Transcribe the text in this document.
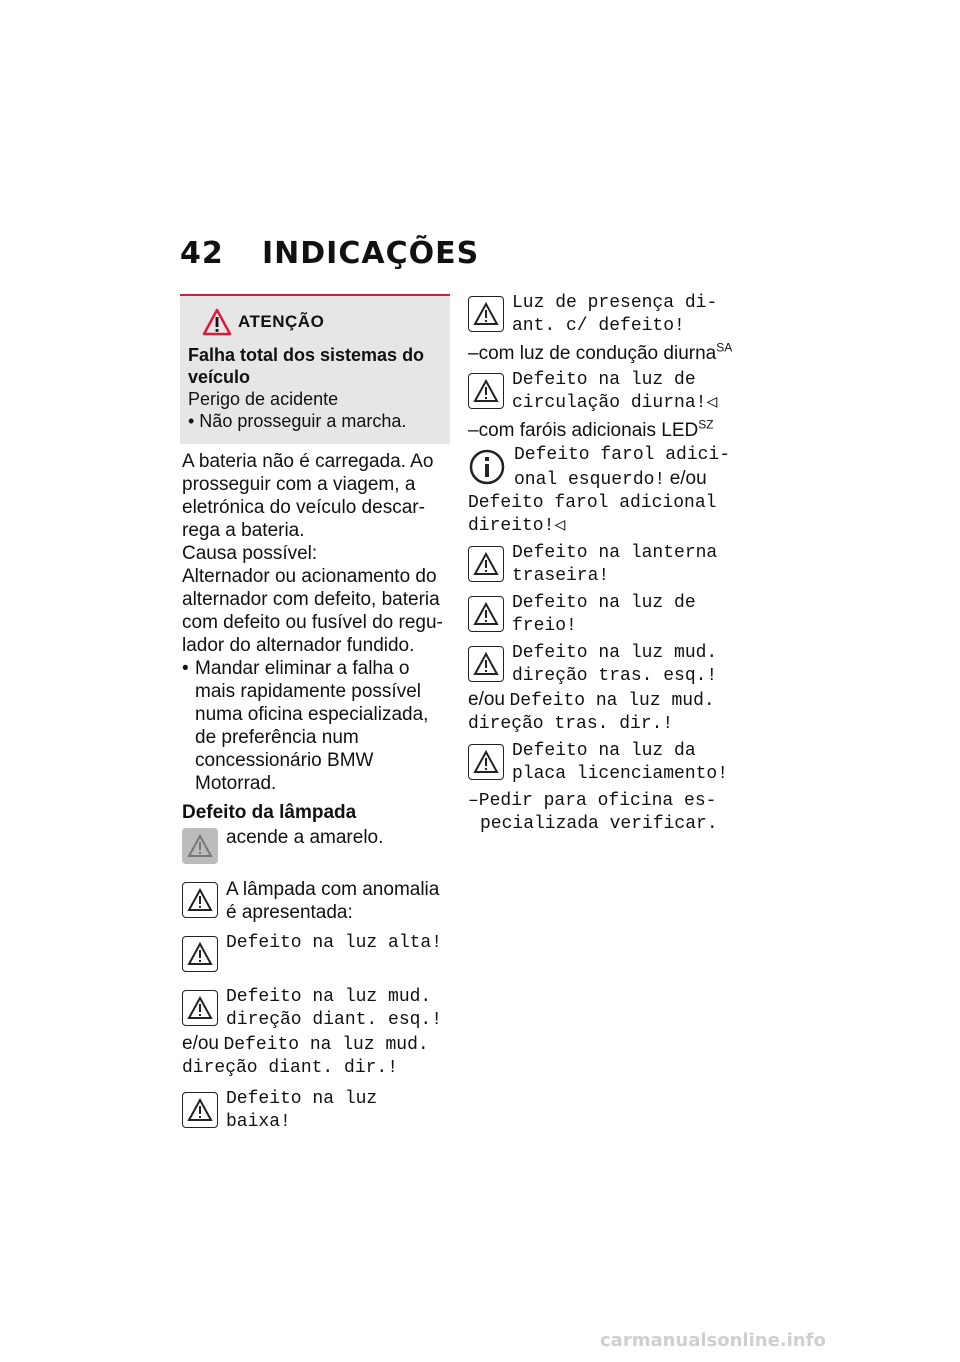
42 INDICAÇÕES
ATENÇÃO
Falha total dos sistemas do veículo
Perigo de acidente
• Não prosseguir a marcha.
A bateria não é carregada. Ao prosseguir com a viagem, a eletrónica do veículo descarrega a bateria.
Causa possível:
Alternador ou acionamento do alternador com defeito, bateria com defeito ou fusível do regulador do alternador fundido.
• Mandar eliminar a falha o mais rapidamente possível numa oficina especializada, de preferência num concessionário BMW Motorrad.
Defeito da lâmpada
acende a amarelo.
A lâmpada com anomalia é apresentada:
Defeito na luz alta!
Defeito na luz mud. direção diant. esq.!
e/ou Defeito na luz mud. direção diant. dir.!
Defeito na luz baixa!
Luz de presença diant. c/ defeito!
–com luz de condução diurna$^{SA}$
Defeito na luz de circulação diurna!◁
–com faróis adicionais $LED^{SZ}$
Defeito farol adicional esquerdo! e/ou
Defeito farol adicional direito!◁
Defeito na lanterna traseira!
Defeito na luz de freio!
Defeito na luz mud. direção tras. esq.!
e/ou Defeito na luz mud. direção tras. dir.!
Defeito na luz da placa licenciamento!
–Pedir para oficina especializada verificar.
carmanualsonline.info
